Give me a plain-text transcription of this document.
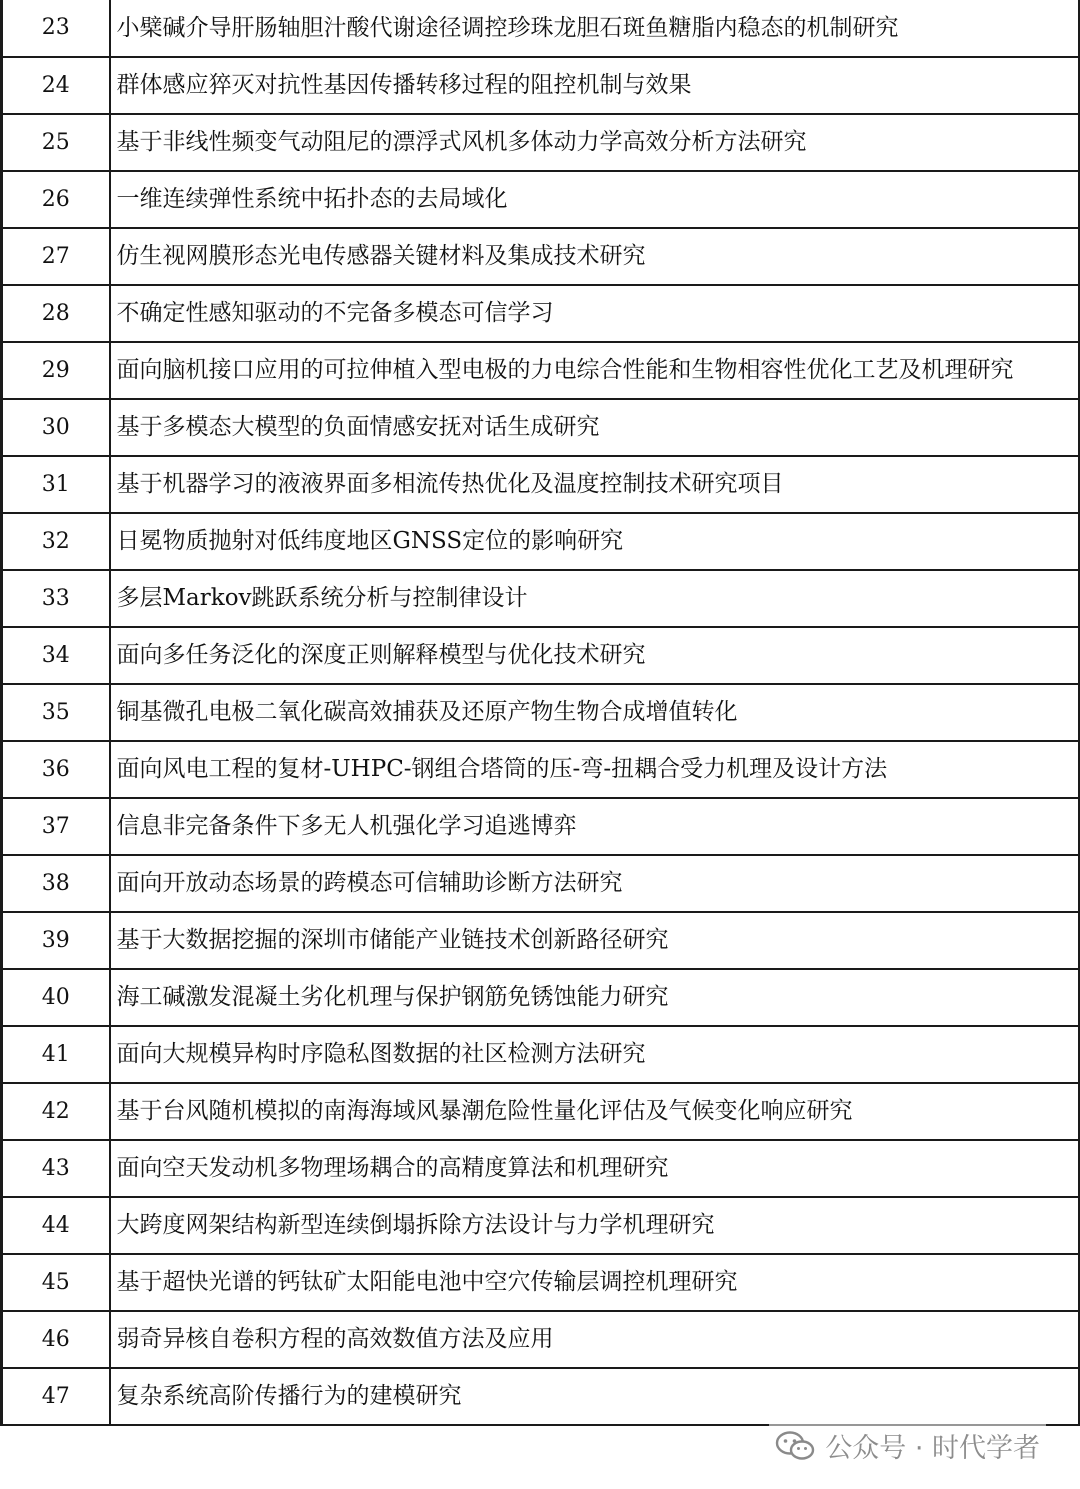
23	小檗碱介导肝肠轴胆汁酸代谢途径调控珍珠龙胆石斑鱼糖脂内稳态的机制研究
24	群体感应猝灭对抗性基因传播转移过程的阻控机制与效果
25	基于非线性频变气动阻尼的漂浮式风机多体动力学高效分析方法研究
26	一维连续弹性系统中拓扑态的去局域化
27	仿生视网膜形态光电传感器关键材料及集成技术研究
28	不确定性感知驱动的不完备多模态可信学习
29	面向脑机接口应用的可拉伸植入型电极的力电综合性能和生物相容性优化工艺及机理研究
30	基于多模态大模型的负面情感安抚对话生成研究
31	基于机器学习的液液界面多相流传热优化及温度控制技术研究项目
32	日冕物质抛射对低纬度地区GNSS定位的影响研究
33	多层Markov跳跃系统分析与控制律设计
34	面向多任务泛化的深度正则解释模型与优化技术研究
35	铜基微孔电极二氧化碳高效捕获及还原产物生物合成增值转化
36	面向风电工程的复材-UHPC-钢组合塔筒的压-弯-扭耦合受力机理及设计方法
37	信息非完备条件下多无人机强化学习追逃博弈
38	面向开放动态场景的跨模态可信辅助诊断方法研究
39	基于大数据挖掘的深圳市储能产业链技术创新路径研究
40	海工碱激发混凝土劣化机理与保护钢筋免锈蚀能力研究
41	面向大规模异构时序隐私图数据的社区检测方法研究
42	基于台风随机模拟的南海海域风暴潮危险性量化评估及气候变化响应研究
43	面向空天发动机多物理场耦合的高精度算法和机理研究
44	大跨度网架结构新型连续倒塌拆除方法设计与力学机理研究
45	基于超快光谱的钙钛矿太阳能电池中空穴传输层调控机理研究
46	弱奇异核自卷积方程的高效数值方法及应用
47	复杂系统高阶传播行为的建模研究
公众号 · 时代学者
